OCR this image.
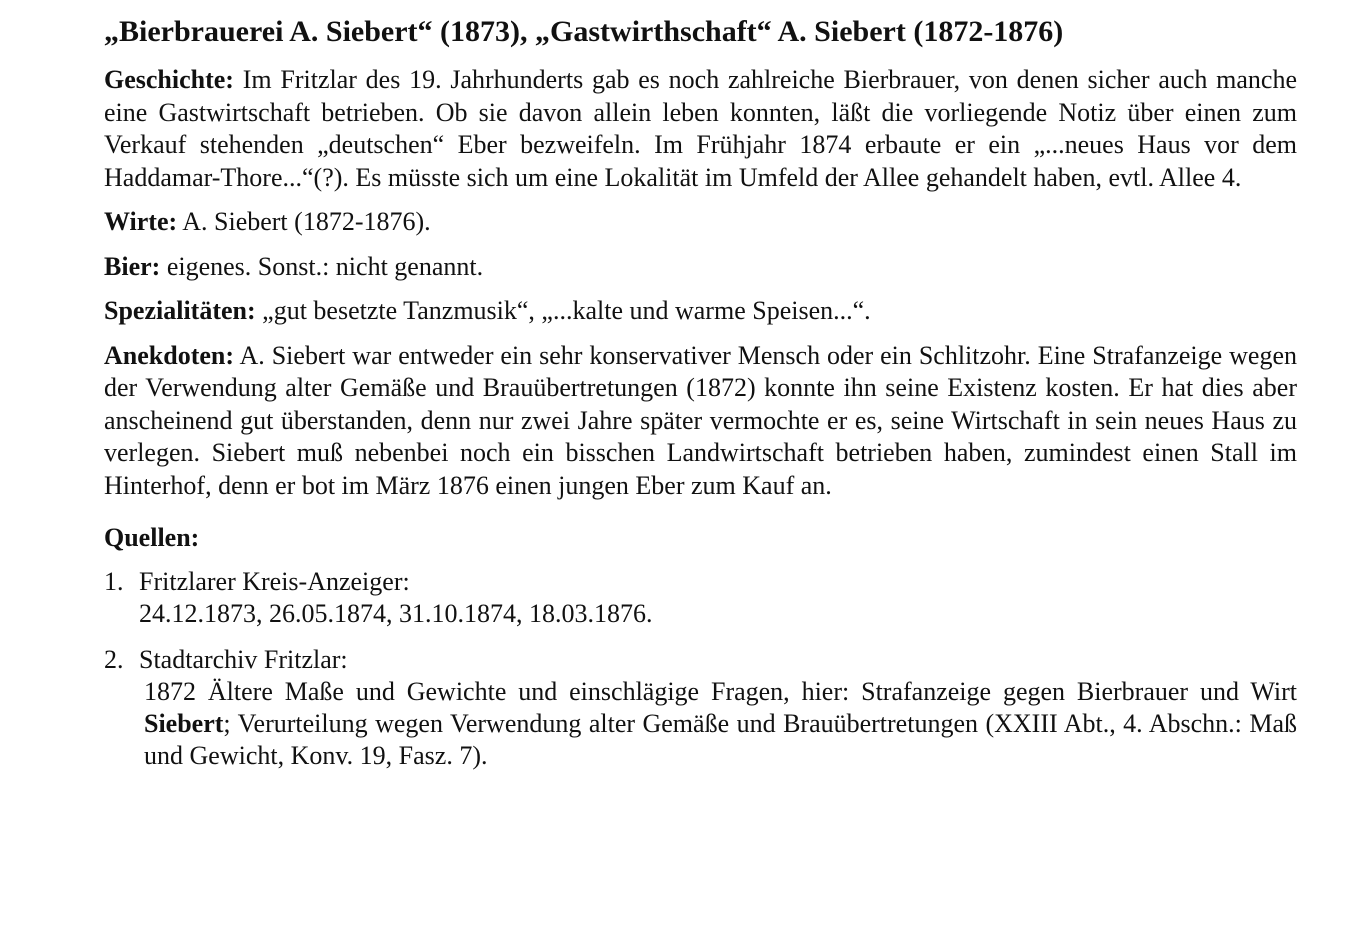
„Bierbrauerei A. Siebert“ (1873), „Gastwirthschaft“ A. Siebert (1872-1876)
Geschichte: Im Fritzlar des 19. Jahrhunderts gab es noch zahlreiche Bierbrauer, von denen sicher auch manche eine Gastwirtschaft betrieben. Ob sie davon allein leben konnten, läßt die vorliegende Notiz über einen zum Verkauf stehenden „deutschen“ Eber bezweifeln. Im Frühjahr 1874 erbaute er ein „...neues Haus vor dem Haddamar-Thore...“(?). Es müsste sich um eine Lokalität im Umfeld der Allee gehandelt haben, evtl. Allee 4.
Wirte: A. Siebert (1872-1876).
Bier: eigenes. Sonst.: nicht genannt.
Spezialitäten: „gut besetzte Tanzmusik“, „...kalte und warme Speisen...“.
Anekdoten: A. Siebert war entweder ein sehr konservativer Mensch oder ein Schlitzohr. Eine Strafanzeige wegen der Verwendung alter Gemäße und Brauübertretungen (1872) konnte ihn seine Existenz kosten. Er hat dies aber anscheinend gut überstanden, denn nur zwei Jahre später vermochte er es, seine Wirtschaft in sein neues Haus zu verlegen. Siebert muß nebenbei noch ein bisschen Landwirtschaft betrieben haben, zumindest einen Stall im Hinterhof, denn er bot im März 1876 einen jungen Eber zum Kauf an.
Quellen:
1. Fritzlarer Kreis-Anzeiger:
24.12.1873, 26.05.1874, 31.10.1874, 18.03.1876.
2. Stadtarchiv Fritzlar:
1872 Ältere Maße und Gewichte und einschlägige Fragen, hier: Strafanzeige gegen Bierbrauer und Wirt Siebert; Verurteilung wegen Verwendung alter Gemäße und Brauübertretungen (XXIII Abt., 4. Abschn.: Maß und Gewicht, Konv. 19, Fasz. 7).
